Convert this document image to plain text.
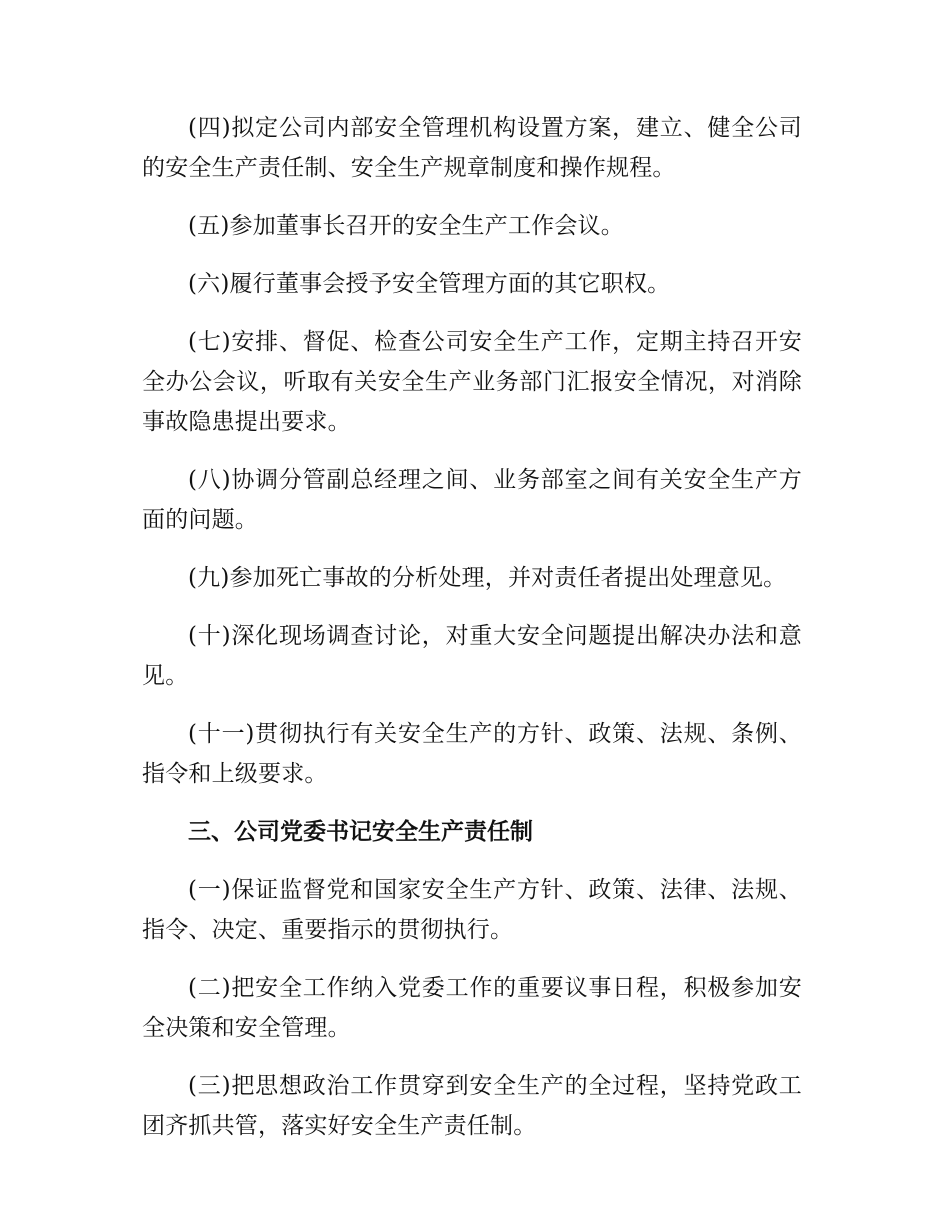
(四)拟定公司内部安全管理机构设置方案，建立、健全公司的安全生产责任制、安全生产规章制度和操作规程。

(五)参加董事长召开的安全生产工作会议。

(六)履行董事会授予安全管理方面的其它职权。

(七)安排、督促、检查公司安全生产工作，定期主持召开安全办公会议，听取有关安全生产业务部门汇报安全情况，对消除事故隐患提出要求。

(八)协调分管副总经理之间、业务部室之间有关安全生产方面的问题。

(九)参加死亡事故的分析处理，并对责任者提出处理意见。

(十)深化现场调查讨论，对重大安全问题提出解决办法和意见。

(十一)贯彻执行有关安全生产的方针、政策、法规、条例、指令和上级要求。

三、公司党委书记安全生产责任制

(一)保证监督党和国家安全生产方针、政策、法律、法规、指令、决定、重要指示的贯彻执行。

(二)把安全工作纳入党委工作的重要议事日程，积极参加安全决策和安全管理。

(三)把思想政治工作贯穿到安全生产的全过程，坚持党政工团齐抓共管，落实好安全生产责任制。
